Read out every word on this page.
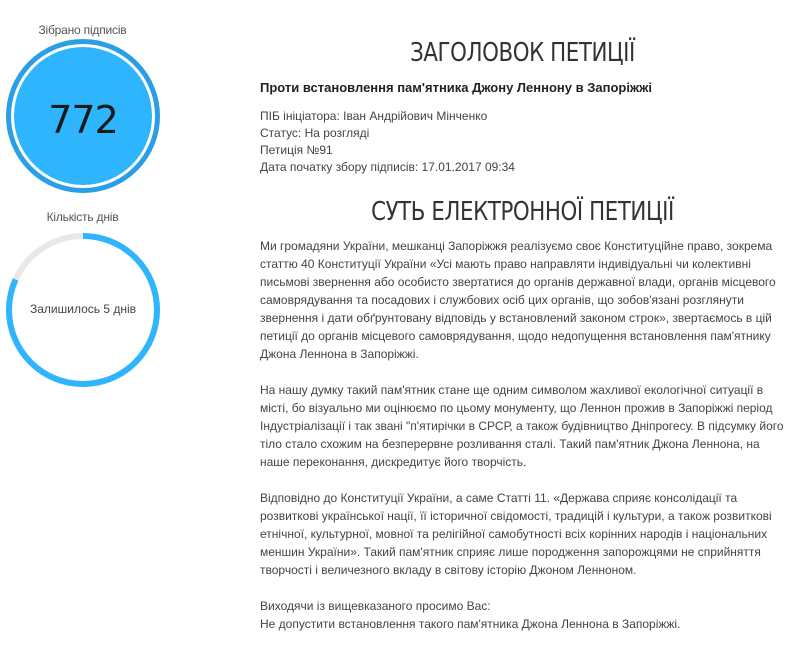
Зібрано підписів
772
Кількість днів
Залишилось 5 днів
ЗАГОЛОВОК ПЕТИЦІЇ
Проти встановлення пам'ятника Джону Леннону в Запоріжжі
ПІБ ініціатора: Іван Андрійович Мінченко
Статус: На розгляді
Петиція №91
Дата початку збору підписів: 17.01.2017 09:34
СУТЬ ЕЛЕКТРОННОЇ ПЕТИЦІЇ

Ми громадяни України, мешканці Запоріжжя реалізуємо своє Конституційне право, зокрема статтю 40 Конституції України «Усі мають право направляти індивідуальні чи колективні письмові звернення або особисто звертатися до органів державної влади, органів місцевого самоврядування та посадових і службових осіб цих органів, що зобов'язані розглянути звернення і дати обґрунтовану відповідь у встановлений законом строк», звертаємось в цій петиції до органів місцевого самоврядування, щодо недопущення встановлення пам'ятнику Джона Леннона в Запоріжжі.

На нашу думку такий пам'ятник стане ще одним символом жахливої екологічної ситуації в місті, бо візуально ми оцінюємо по цьому монументу, що Леннон прожив в Запоріжжі період Індустріалізації і так звані "п'ятирічки в СРСР, а також будівництво Дніпрогесу. В підсумку його тіло стало схожим на безперервне розливання сталі. Такий пам'ятник Джона Леннона, на наше переконання, дискредитує його творчість.

Відповідно до Конституції України, а саме Статті 11. «Держава сприяє консолідації та розвиткові української нації, її історичної свідомості, традицій і культури, а також розвиткові етнічної, культурної, мовної та релігійної самобутності всіх корінних народів і національних меншин України». Такий пам'ятник сприяє лише породження запорожцями не сприйняття творчості і величезного вкладу в світову історію Джоном Ленноном.

Виходячи із вищевказаного просимо Вас:
Не допустити встановлення такого пам'ятника Джона Леннона в Запоріжжі.
